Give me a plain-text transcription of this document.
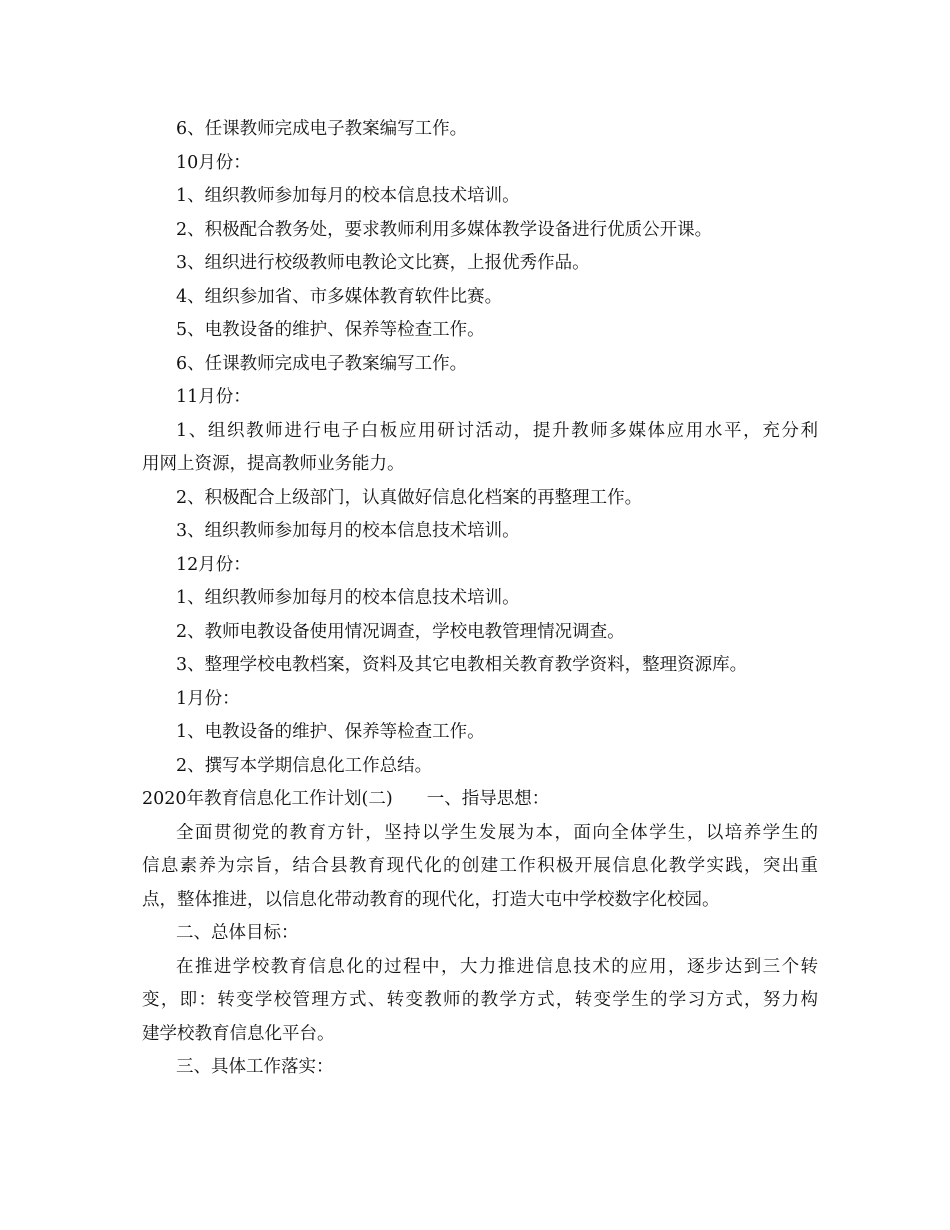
6、任课教师完成电子教案编写工作。

10月份：

1、组织教师参加每月的校本信息技术培训。

2、积极配合教务处，要求教师利用多媒体教学设备进行优质公开课。

3、组织进行校级教师电教论文比赛，上报优秀作品。

4、组织参加省、市多媒体教育软件比赛。

5、电教设备的维护、保养等检查工作。

6、任课教师完成电子教案编写工作。

11月份：

1、组织教师进行电子白板应用研讨活动，提升教师多媒体应用水平，充分利

用网上资源，提高教师业务能力。

2、积极配合上级部门，认真做好信息化档案的再整理工作。

3、组织教师参加每月的校本信息技术培训。

12月份：

1、组织教师参加每月的校本信息技术培训。

2、教师电教设备使用情况调查，学校电教管理情况调查。

3、整理学校电教档案，资料及其它电教相关教育教学资料，整理资源库。

1月份：

1、电教设备的维护、保养等检查工作。

2、撰写本学期信息化工作总结。

2020年教育信息化工作计划(二) 一、指导思想：

全面贯彻党的教育方针，坚持以学生发展为本，面向全体学生，以培养学生的

信息素养为宗旨，结合县教育现代化的创建工作积极开展信息化教学实践，突出重

点，整体推进，以信息化带动教育的现代化，打造大屯中学校数字化校园。

二、总体目标：

在推进学校教育信息化的过程中，大力推进信息技术的应用，逐步达到三个转

变，即：转变学校管理方式、转变教师的教学方式，转变学生的学习方式，努力构

建学校教育信息化平台。

三、具体工作落实：
